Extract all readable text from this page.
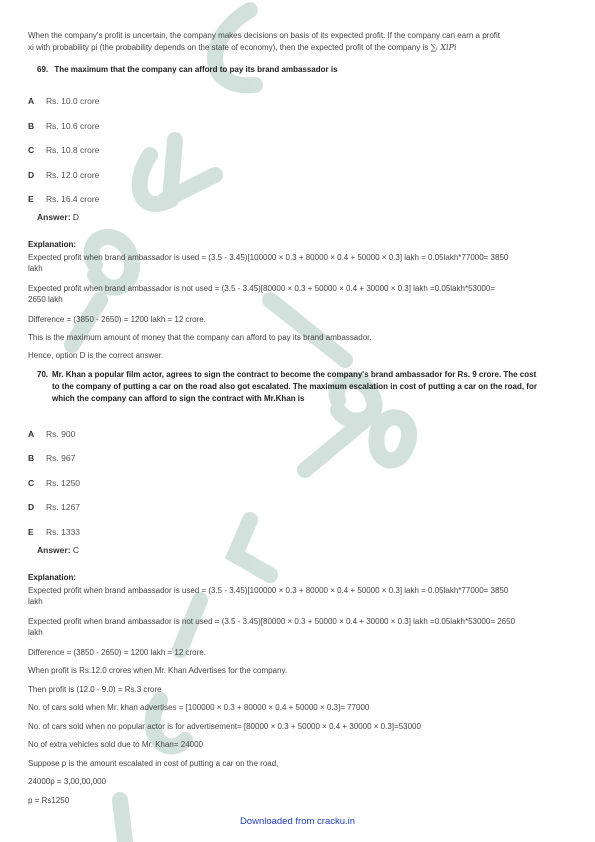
When the company's profit is uncertain, the company makes decisions on basis of its expected profit. If the company can earn a profit
xi with probability pi (the probability depends on the state of economy), then the expected profit of the company is ∑ᵢ XiPi
69. The maximum that the company can afford to pay its brand ambassador is
A Rs. 10.0 crore
B Rs. 10.6 crore
C Rs. 10.8 crore
D Rs. 12.0 crore
E Rs. 16.4 crore
Answer: D
Explanation:
Expected profit when brand ambassador is used = (3.5 - 3.45)[100000 × 0.3 + 80000 × 0.4 + 50000 × 0.3] lakh = 0.05lakh*77000= 3850
lakh
Expected profit when brand ambassador is not used = (3.5 - 3.45)[80000 × 0.3 + 50000 × 0.4 + 30000 × 0.3] lakh =0.05lakh*53000=
2650 lakh
Difference = (3850 - 2650) = 1200 lakh = 12 crore.
This is the maximum amount of money that the company can afford to pay its brand ambassador.
Hence, option D is the correct answer.
70. Mr. Khan a popular film actor, agrees to sign the contract to become the company's brand ambassador for Rs. 9 crore. The cost
to the company of putting a car on the road also got escalated. The maximum escalation in cost of putting a car on the road, for
which the company can afford to sign the contract with Mr.Khan is
A Rs. 900
B Rs. 967
C Rs. 1250
D Rs. 1267
E Rs. 1333
Answer: C
Explanation:
Expected profit when brand ambassador is used = (3.5 - 3.45)[100000 × 0.3 + 80000 × 0.4 + 50000 × 0.3] lakh = 0.05lakh*77000= 3850
lakh
Expected profit when brand ambassador is not used = (3.5 - 3.45)[80000 × 0.3 + 50000 × 0.4 + 30000 × 0.3] lakh =0.05lakh*53000= 2650
lakh
Difference = (3850 - 2650) = 1200 lakh = 12 crore.
When profit is Rs.12.0 crores when Mr. Khan Advertises for the company.
Then profit is (12.0 - 9.0) = Rs.3 crore
No. of cars sold when Mr. khan advertises = [100000 × 0.3 + 80000 × 0.4 + 50000 × 0.3]= 77000
No. of cars sold when no popular actor is for advertisement= [80000 × 0.3 + 50000 × 0.4 + 30000 × 0.3]=53000
No of extra vehicles sold due to Mr. Khan= 24000
Suppose p is the amount escalated in cost of putting a car on the road,
24000p = 3,00,00,000
p = Rs1250
Downloaded from cracku.in
